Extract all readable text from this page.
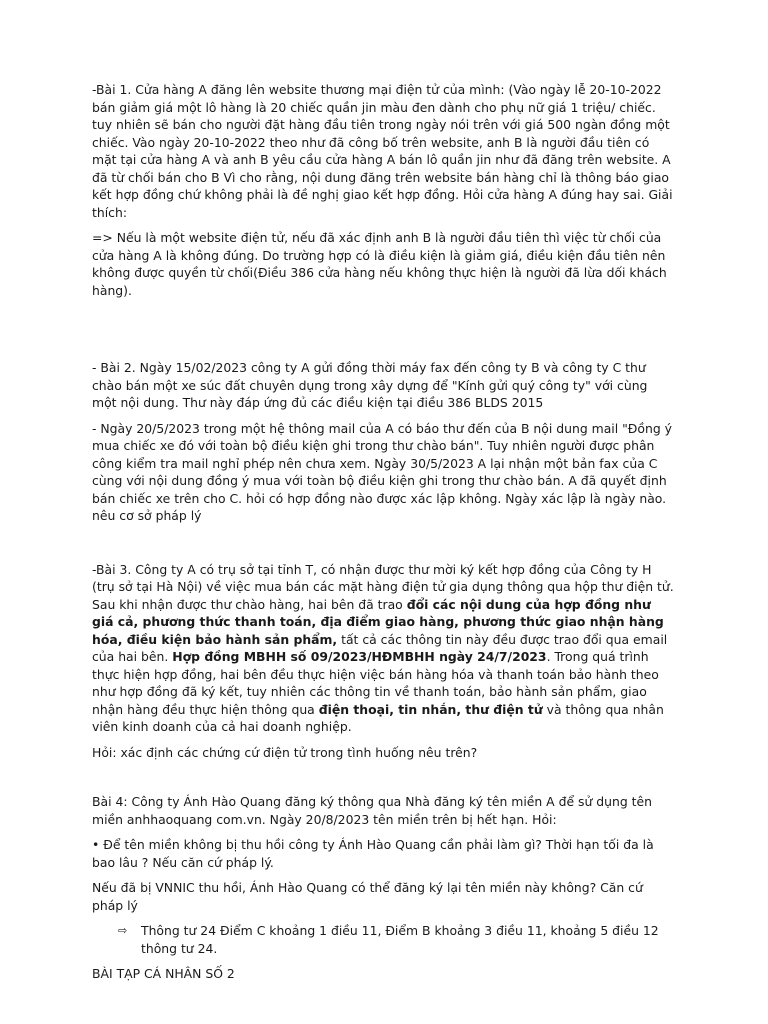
-Bài 1. Cửa hàng A đăng lên website thương mại điện tử của mình: (Vào ngày lễ 20-10-2022 bán giảm giá một lô hàng là 20 chiếc quần jin màu đen dành cho phụ nữ giá 1 triệu/ chiếc. tuy nhiên sẽ bán cho người đặt hàng đầu tiên trong ngày nói trên với giá 500 ngàn đồng một chiếc. Vào ngày 20-10-2022 theo như đã công bố trên website, anh B là người đầu tiên có mặt tại cửa hàng A và anh B yêu cầu cửa hàng A bán lô quần jin như đã đăng trên website. A đã từ chối bán cho B Vì cho rằng, nội dung đăng trên website bán hàng chỉ là thông báo giao kết hợp đồng chứ không phải là đề nghị giao kết hợp đồng. Hỏi cửa hàng A đúng hay sai. Giải thích:

=> Nếu là một website điện tử, nếu đã xác định anh B là người đầu tiên thì việc từ chối của cửa hàng A là không đúng. Do trường hợp có là điều kiện là giảm giá, điều kiện đầu tiên nên không được quyền từ chối(Điều 386 cửa hàng nếu không thực hiện là người đã lừa dối khách hàng).

- Bài 2. Ngày 15/02/2023 công ty A gửi đồng thời máy fax đến công ty B và công ty C thư chào bán một xe súc đất chuyên dụng trong xây dựng để "Kính gửi quý công ty" với cùng một nội dung. Thư này đáp ứng đủ các điều kiện tại điều 386 BLDS 2015

- Ngày 20/5/2023 trong một hệ thông mail của A có báo thư đến của B nội dung mail "Đồng ý mua chiếc xe đó với toàn bộ điều kiện ghi trong thư chào bán". Tuy nhiên người được phân công kiểm tra mail nghỉ phép nên chưa xem. Ngày 30/5/2023 A lại nhận một bản fax của C cùng với nội dung đồng ý mua với toàn bộ điều kiện ghi trong thư chào bán. A đã quyết định bán chiếc xe trên cho C. hỏi có hợp đồng nào được xác lập không. Ngày xác lập là ngày nào. nêu cơ sở pháp lý

-Bài 3. Công ty A có trụ sở tại tỉnh T, có nhận được thư mời ký kết hợp đồng của Công ty H (trụ sở tại Hà Nội) về việc mua bán các mặt hàng điện tử gia dụng thông qua hộp thư điện tử. Sau khi nhận được thư chào hàng, hai bên đã trao đổi các nội dung của hợp đồng như giá cả, phương thức thanh toán, địa điểm giao hàng, phương thức giao nhận hàng hóa, điều kiện bảo hành sản phẩm, tất cả các thông tin này đều được trao đổi qua email của hai bên. Hợp đồng MBHH số 09/2023/HĐMBHH ngày 24/7/2023. Trong quá trình thực hiện hợp đồng, hai bên đều thực hiện việc bán hàng hóa và thanh toán bảo hành theo như hợp đồng đã ký kết, tuy nhiên các thông tin về thanh toán, bảo hành sản phẩm, giao nhận hàng đều thực hiện thông qua điện thoại, tin nhắn, thư điện tử và thông qua nhân viên kinh doanh của cả hai doanh nghiệp.

Hỏi: xác định các chứng cứ điện tử trong tình huống nêu trên?

Bài 4: Công ty Ánh Hào Quang đăng ký thông qua Nhà đăng ký tên miền A để sử dụng tên miền anhhaoquang com.vn. Ngày 20/8/2023 tên miền trên bị hết hạn. Hỏi:

• Để tên miền không bị thu hồi công ty Ánh Hào Quang cần phải làm gì? Thời hạn tối đa là bao lâu ? Nếu căn cứ pháp lý.

Nếu đã bị VNNIC thu hồi, Ánh Hào Quang có thể đăng ký lại tên miền này không? Căn cứ pháp lý

⇨	Thông tư 24 Điểm C khoảng 1 điều 11, Điểm B khoảng 3 điều 11, khoảng 5 điều 12 thông tư 24.

BÀI TẠP CÁ NHÂN SỐ 2
